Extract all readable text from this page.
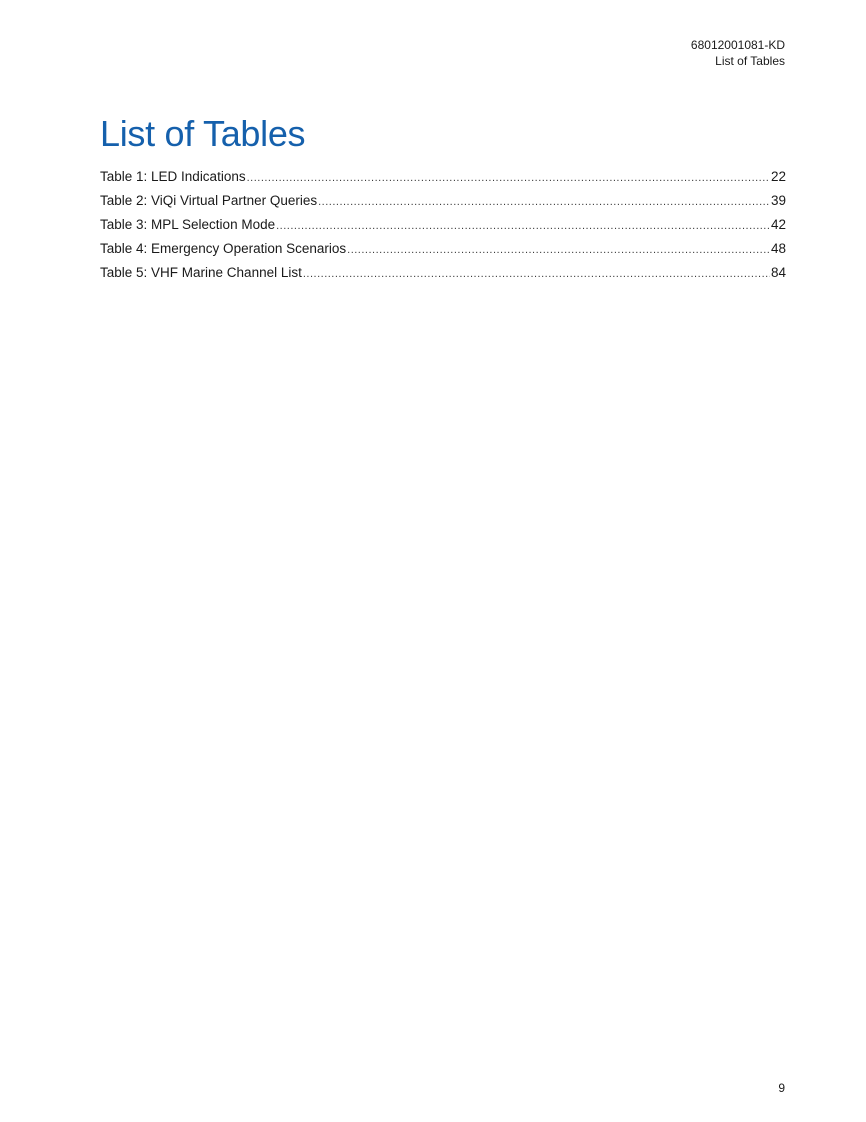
68012001081-KD
List of Tables
List of Tables
Table 1: LED Indications .....	22
Table 2: ViQi Virtual Partner Queries .....	39
Table 3: MPL Selection Mode .....	42
Table 4: Emergency Operation Scenarios .....	48
Table 5: VHF Marine Channel List .....	84
9
